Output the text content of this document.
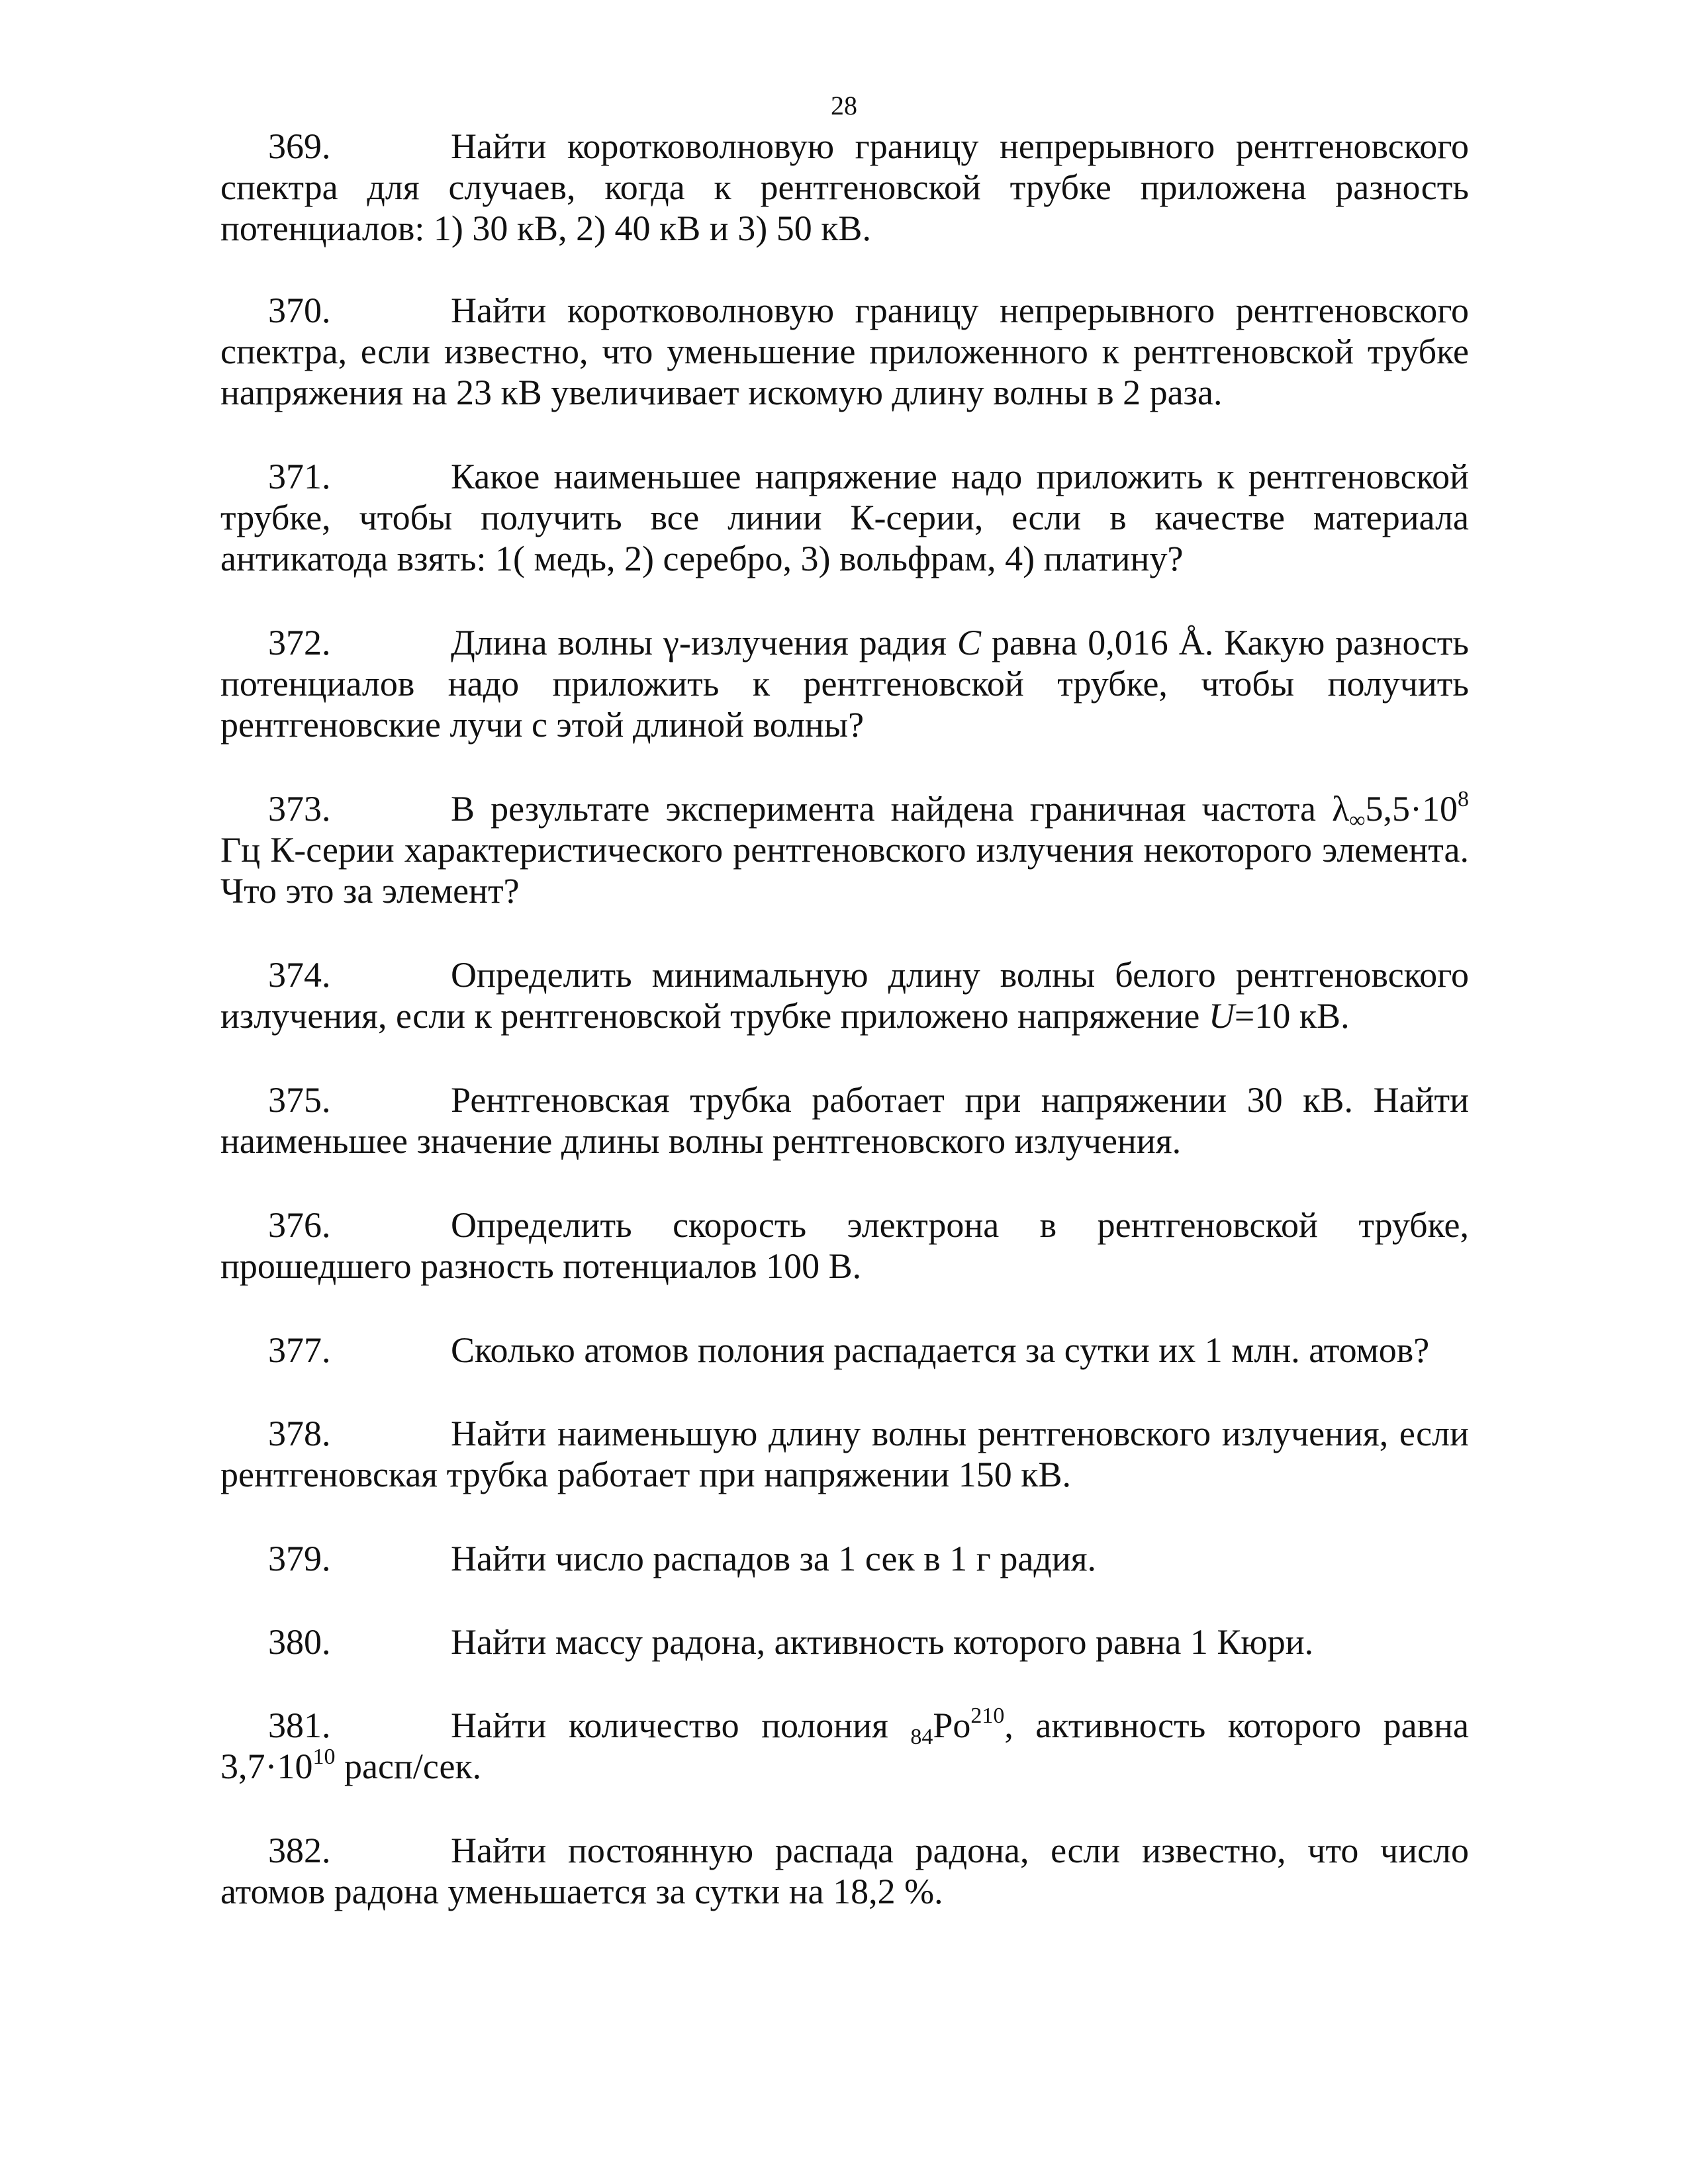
28
369.	Найти коротковолновую границу непрерывного рентгеновского спектра для случаев, когда к рентгеновской трубке приложена разность потенциалов: 1) 30 кВ, 2) 40 кВ и 3) 50 кВ.
370.	Найти коротковолновую границу непрерывного рентгеновского спектра, если известно, что уменьшение приложенного к рентгеновской трубке напряжения на 23 кВ увеличивает искомую длину волны в 2 раза.
371.	Какое наименьшее напряжение надо приложить к рентгеновской трубке, чтобы получить все линии К-серии, если в качестве материала антикатода взять: 1( медь, 2) серебро, 3) вольфрам, 4) платину?
372.	Длина волны γ-излучения радия С равна 0,016 Å. Какую разность потенциалов надо приложить к рентгеновской трубке, чтобы получить рентгеновские лучи с этой длиной волны?
373.	В результате эксперимента найдена граничная частота $\lambda_\infty 5,5\cdot 10^8$ Гц К-серии характеристического рентгеновского излучения некоторого элемента. Что это за элемент?
374.	Определить минимальную длину волны белого рентгеновского излучения, если к рентгеновской трубке приложено напряжение U=10 кВ.
375.	Рентгеновская трубка работает при напряжении 30 кВ. Найти наименьшее значение длины волны рентгеновского излучения.
376.	Определить скорость электрона в рентгеновской трубке, прошедшего разность потенциалов 100 В.
377.	Сколько атомов полония распадается за сутки их 1 млн. атомов?
378.	Найти наименьшую длину волны рентгеновского излучения, если рентгеновская трубка работает при напряжении 150 кВ.
379.	Найти число распадов за 1 сек в 1 г радия.
380.	Найти массу радона, активность которого равна 1 Кюри.
381.	Найти количество полония $_{84}Po^{210}$, активность которого равна $3,7\cdot 10^{10}$ расп/сек.
382.	Найти постоянную распада радона, если известно, что число атомов радона уменьшается за сутки на 18,2 %.
